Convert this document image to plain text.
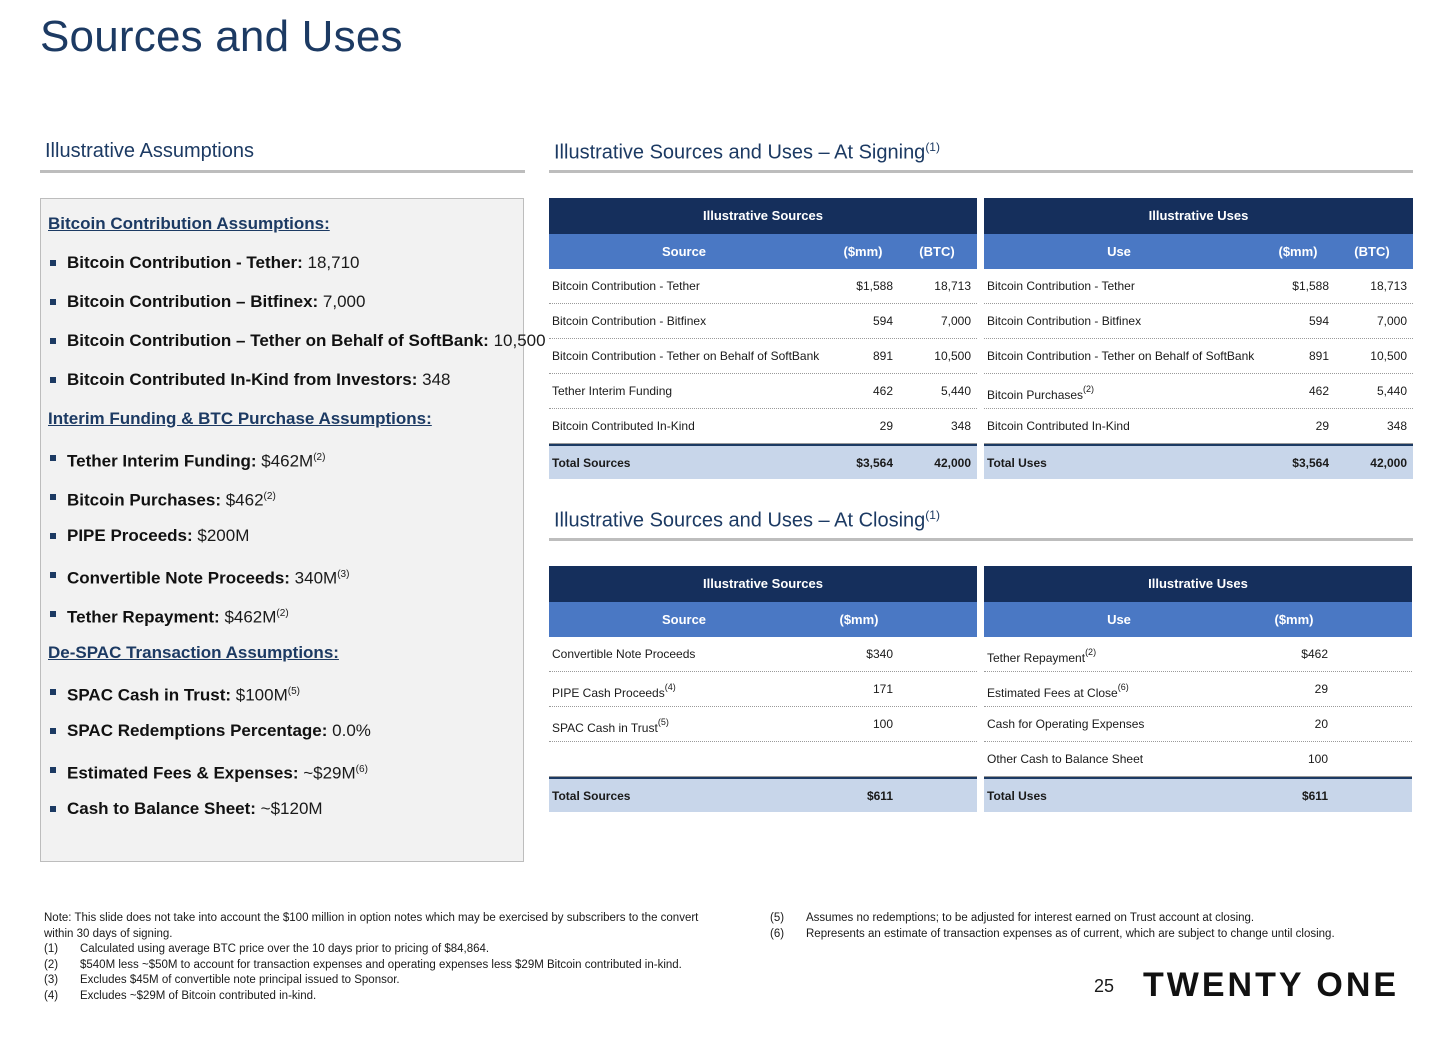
Sources and Uses
Illustrative Assumptions
Bitcoin Contribution Assumptions:
Bitcoin Contribution - Tether: 18,710
Bitcoin Contribution – Bitfinex: 7,000
Bitcoin Contribution – Tether on Behalf of SoftBank: 10,500
Bitcoin Contributed In-Kind from Investors: 348
Interim Funding & BTC Purchase Assumptions:
Tether Interim Funding: $\$462M^{(2)}$
Bitcoin Purchases: $462$^{(2)}$
PIPE Proceeds: $200M
Convertible Note Proceeds: $340M^{(3)}$
Tether Repayment: $\$462M^{(2)}$
De-SPAC Transaction Assumptions:
SPAC Cash in Trust: $\$100M^{(5)}$
SPAC Redemptions Percentage: 0.0%
Estimated Fees & Expenses: $\sim\$29M^{(6)}$
Cash to Balance Sheet: ~$120M
Illustrative Sources and Uses – At Signing$^{(1)}$
Illustrative Sources and Uses – At Closing$^{(1)}$
Illustrative Sources
Source	($mm)	(BTC)
Bitcoin Contribution - Tether	$1,588	18,713
Bitcoin Contribution - Bitfinex	594	7,000
Bitcoin Contribution - Tether on Behalf of SoftBank	891	10,500
Tether Interim Funding	462	5,440
Bitcoin Contributed In-Kind	29	348
Total Sources	$3,564	42,000
Illustrative Uses
Use	($mm)	(BTC)
Bitcoin Contribution - Tether	$1,588	18,713
Bitcoin Contribution - Bitfinex	594	7,000
Bitcoin Contribution - Tether on Behalf of SoftBank	891	10,500
Bitcoin Purchases$^{(2)}$	462	5,440
Bitcoin Contributed In-Kind	29	348
Total Uses	$3,564	42,000
Illustrative Sources
Source	($mm)
Convertible Note Proceeds	$340
PIPE Cash Proceeds$^{(4)}$	171
SPAC Cash in Trust$^{(5)}$	100
Total Sources	$611
Illustrative Uses
Use	($mm)
Tether Repayment$^{(2)}$	$462
Estimated Fees at Close$^{(6)}$	29
Cash for Operating Expenses	20
Other Cash to Balance Sheet	100
Total Uses	$611
Note: This slide does not take into account the $100 million in option notes which may be exercised by subscribers to the convert
within 30 days of signing.
(1) Calculated using average BTC price over the 10 days prior to pricing of $84,864.
(2) $540M less ~$50M to account for transaction expenses and operating expenses less $29M Bitcoin contributed in-kind.
(3) Excludes $45M of convertible note principal issued to Sponsor.
(4) Excludes ~$29M of Bitcoin contributed in-kind.
(5) Assumes no redemptions; to be adjusted for interest earned on Trust account at closing.
(6) Represents an estimate of transaction expenses as of current, which are subject to change until closing.
25 TWENTY ONE
